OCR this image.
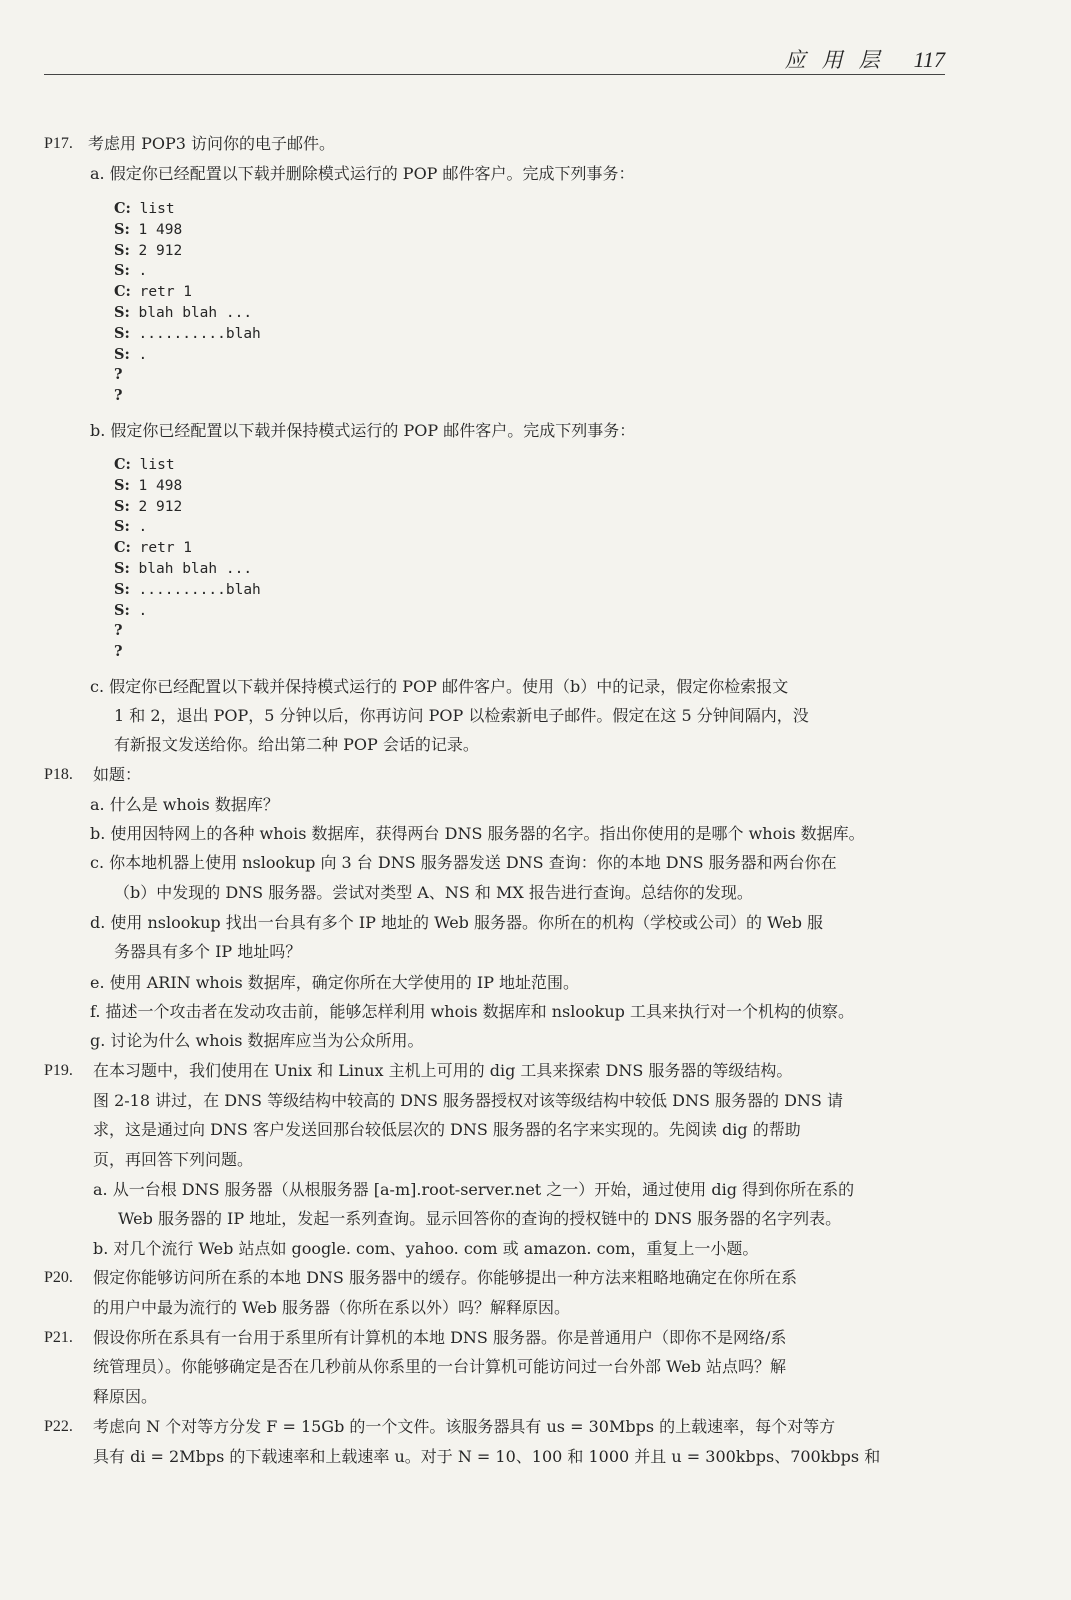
应用层 117
P17. 考虑用 POP3 访问你的电子邮件。
a. 假定你已经配置以下载并删除模式运行的 POP 邮件客户。完成下列事务：
C: list
S: 1 498
S: 2 912
S: .
C: retr 1
S: blah blah ...
S: ..........blah
S: .
?
?
b. 假定你已经配置以下载并保持模式运行的 POP 邮件客户。完成下列事务：
C: list
S: 1 498
S: 2 912
S: .
C: retr 1
S: blah blah ...
S: ..........blah
S: .
?
?
c. 假定你已经配置以下载并保持模式运行的 POP 邮件客户。使用（b）中的记录，假定你检索报文
1 和 2，退出 POP，5 分钟以后，你再访问 POP 以检索新电子邮件。假定在这 5 分钟间隔内，没
有新报文发送给你。给出第二种 POP 会话的记录。
P18. 如题：
a. 什么是 whois 数据库？
b. 使用因特网上的各种 whois 数据库，获得两台 DNS 服务器的名字。指出你使用的是哪个 whois 数据库。
c. 你本地机器上使用 nslookup 向 3 台 DNS 服务器发送 DNS 查询：你的本地 DNS 服务器和两台你在
（b）中发现的 DNS 服务器。尝试对类型 A、NS 和 MX 报告进行查询。总结你的发现。
d. 使用 nslookup 找出一台具有多个 IP 地址的 Web 服务器。你所在的机构（学校或公司）的 Web 服
务器具有多个 IP 地址吗？
e. 使用 ARIN whois 数据库，确定你所在大学使用的 IP 地址范围。
f. 描述一个攻击者在发动攻击前，能够怎样利用 whois 数据库和 nslookup 工具来执行对一个机构的侦察。
g. 讨论为什么 whois 数据库应当为公众所用。
P19. 在本习题中，我们使用在 Unix 和 Linux 主机上可用的 dig 工具来探索 DNS 服务器的等级结构。
图 2-18 讲过，在 DNS 等级结构中较高的 DNS 服务器授权对该等级结构中较低 DNS 服务器的 DNS 请
求，这是通过向 DNS 客户发送回那台较低层次的 DNS 服务器的名字来实现的。先阅读 dig 的帮助
页，再回答下列问题。
a. 从一台根 DNS 服务器（从根服务器 [a-m].root-server.net 之一）开始，通过使用 dig 得到你所在系的
Web 服务器的 IP 地址，发起一系列查询。显示回答你的查询的授权链中的 DNS 服务器的名字列表。
b. 对几个流行 Web 站点如 google. com、yahoo. com 或 amazon. com，重复上一小题。
P20. 假定你能够访问所在系的本地 DNS 服务器中的缓存。你能够提出一种方法来粗略地确定在你所在系
的用户中最为流行的 Web 服务器（你所在系以外）吗？解释原因。
P21. 假设你所在系具有一台用于系里所有计算机的本地 DNS 服务器。你是普通用户（即你不是网络/系
统管理员）。你能够确定是否在几秒前从你系里的一台计算机可能访问过一台外部 Web 站点吗？解
释原因。
P22. 考虑向 N 个对等方分发 F = 15Gb 的一个文件。该服务器具有 us = 30Mbps 的上载速率，每个对等方
具有 di = 2Mbps 的下载速率和上载速率 u。对于 N = 10、100 和 1000 并且 u = 300kbps、700kbps 和
